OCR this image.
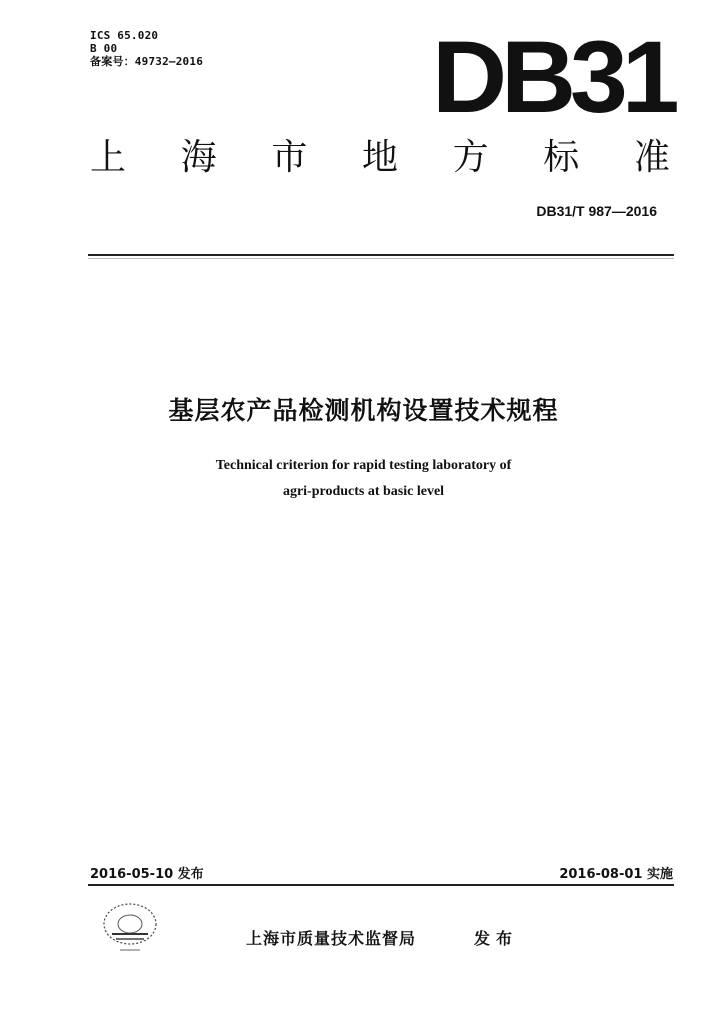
ICS 65.020
B 00
备案号：49732—2016 DB31
上 海 市 地 方 标 准
DB31/T 987—2016
基层农产品检测机构设置技术规程
Technical criterion for rapid testing laboratory of
agri-products at basic level
2016-05-10 发布	2016-08-01 实施
上海市质量技术监督局	发布
